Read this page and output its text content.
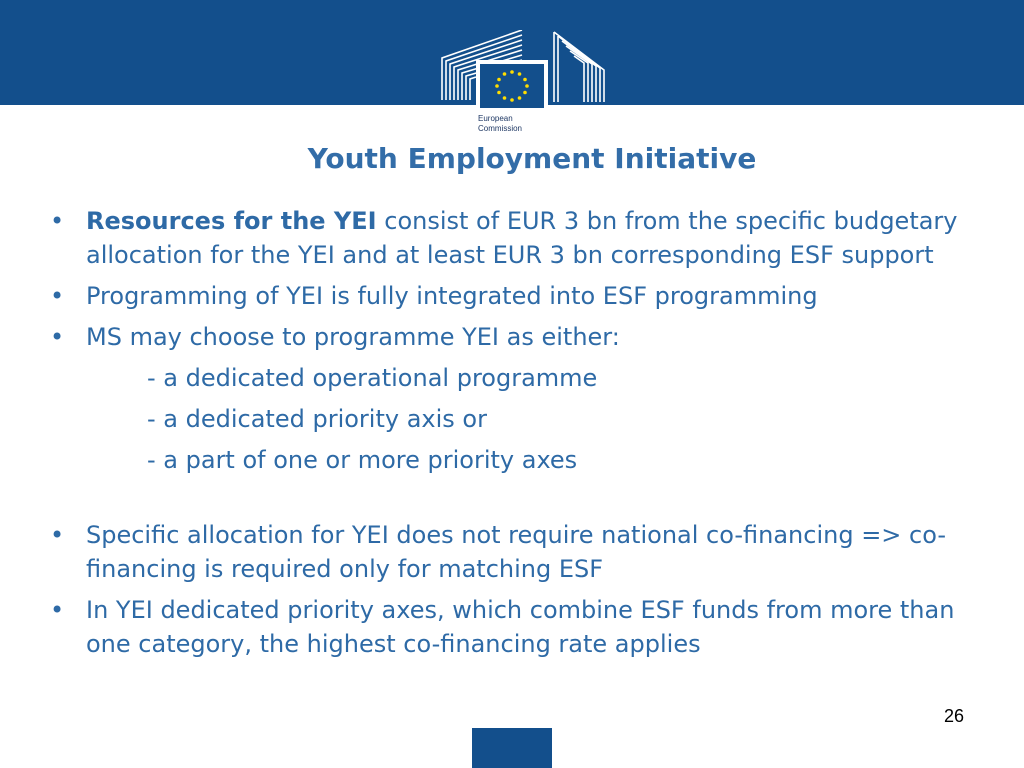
European
Commission
Youth Employment Initiative
• Resources for the YEI consist of EUR 3 bn from the specific budgetary allocation for the YEI and at least EUR 3 bn corresponding ESF support
• Programming of YEI is fully integrated into ESF programming
• MS may choose to programme YEI as either:
- a dedicated operational programme
- a dedicated priority axis or
- a part of one or more priority axes
• Specific allocation for YEI does not require national co-financing => co-financing is required only for matching ESF
• In YEI dedicated priority axes, which combine ESF funds from more than one category, the highest co-financing rate applies
26
